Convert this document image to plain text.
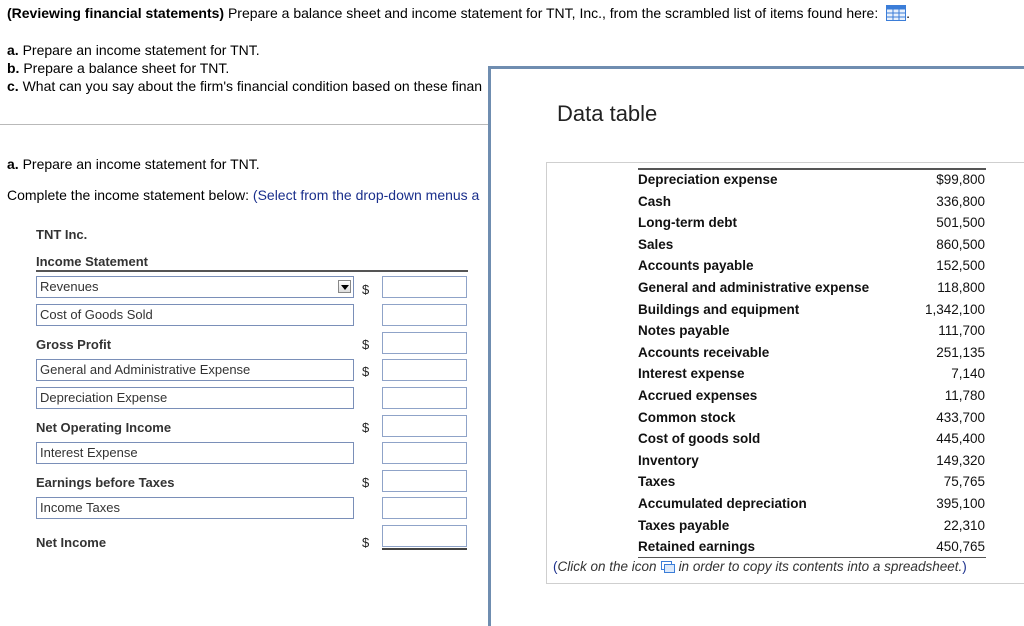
(Reviewing financial statements) Prepare a balance sheet and income statement for TNT, Inc., from the scrambled list of items found here: .
a. Prepare an income statement for TNT.
b. Prepare a balance sheet for TNT.
c. What can you say about the firm's financial condition based on these finan
a. Prepare an income statement for TNT.
Complete the income statement below: (Select from the drop-down menus a
TNT Inc.
Income Statement
Revenues	$
Cost of Goods Sold
Gross Profit	$
General and Administrative Expense	$
Depreciation Expense
Net Operating Income	$
Interest Expense
Earnings before Taxes	$
Income Taxes
Net Income	$
Data table
Depreciation expense	$99,800
Cash	336,800
Long-term debt	501,500
Sales	860,500
Accounts payable	152,500
General and administrative expense	118,800
Buildings and equipment	1,342,100
Notes payable	111,700
Accounts receivable	251,135
Interest expense	7,140
Accrued expenses	11,780
Common stock	433,700
Cost of goods sold	445,400
Inventory	149,320
Taxes	75,765
Accumulated depreciation	395,100
Taxes payable	22,310
Retained earnings	450,765
(Click on the icon in order to copy its contents into a spreadsheet.)
